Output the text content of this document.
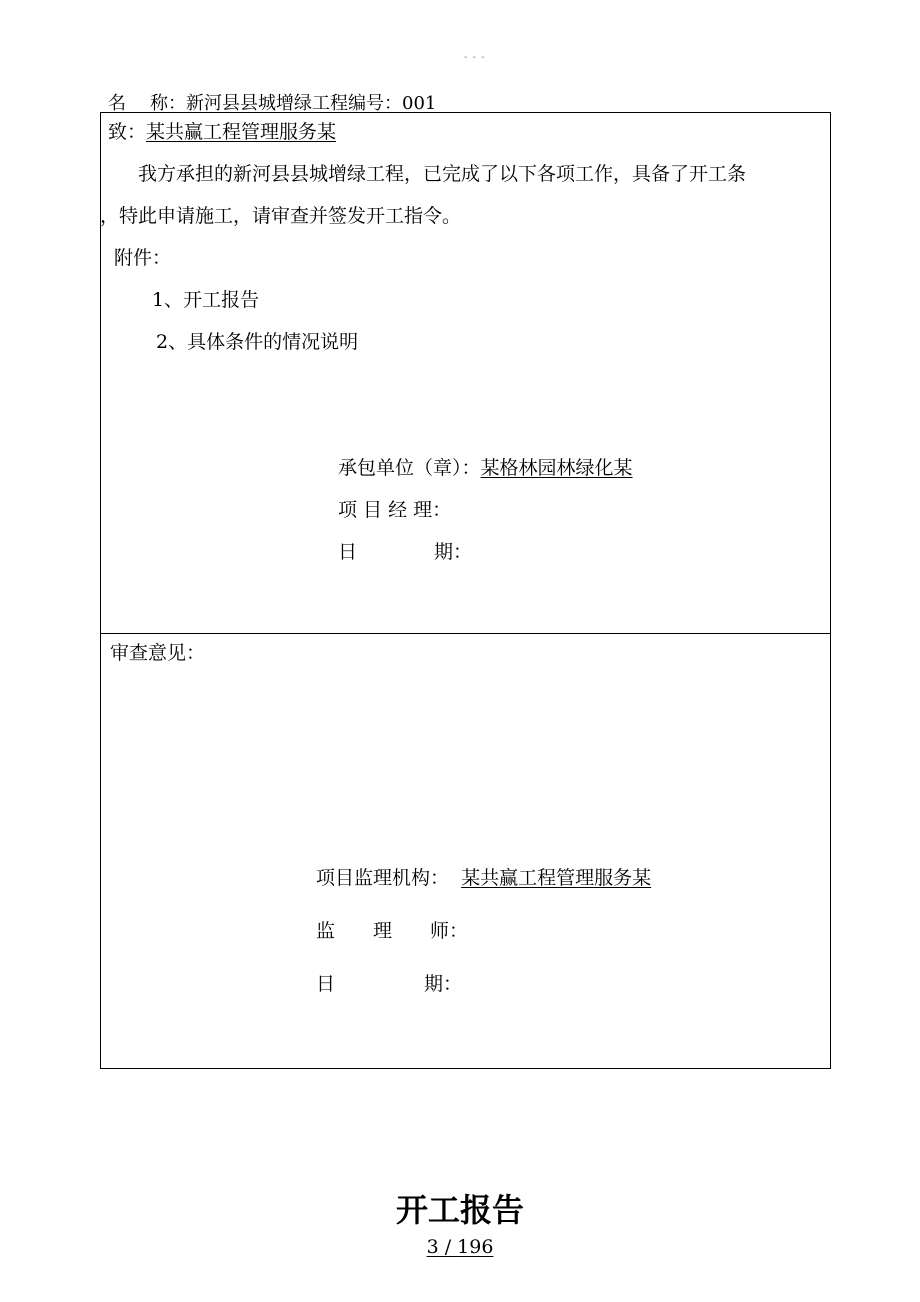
- - -
名 称：新河县县城增绿工程编号：001
致：某共赢工程管理服务某
我方承担的新河县县城增绿工程，已完成了以下各项工作，具备了开工条
，特此申请施工，请审查并签发开工指令。
附件：
1、开工报告
2、具体条件的情况说明
承包单位（章）：某格林园林绿化某
项 目 经 理：
日	期：
审查意见：
项目监理机构： 某共赢工程管理服务某
监　　理　　师：
日	期：
开工报告
3 / 196
